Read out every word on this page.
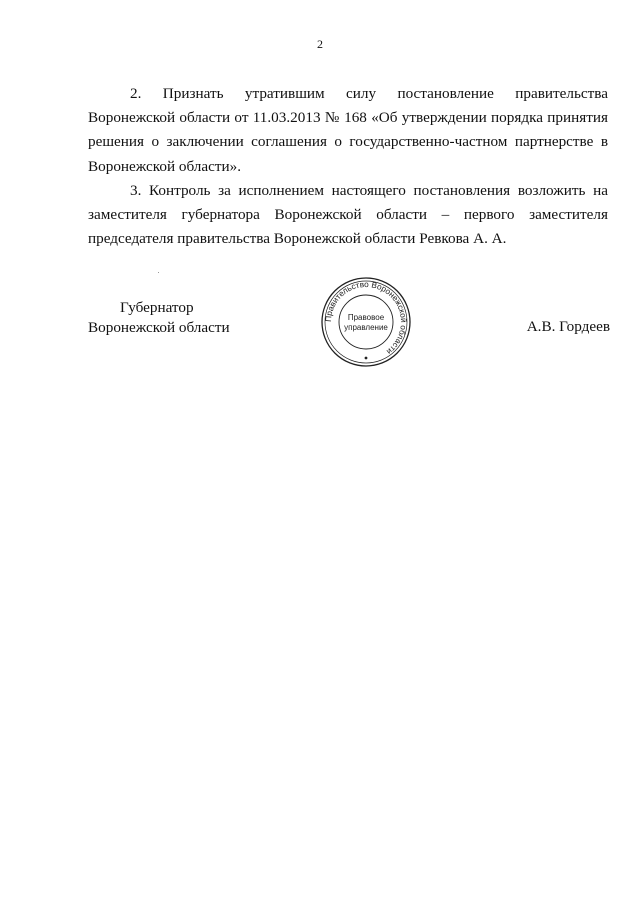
2

2. Признать утратившим силу постановление правительства Воронежской области от 11.03.2013 № 168 «Об утверждении порядка принятия решения о заключении соглашения о государственно-частном партнерстве в Воронежской области».

3. Контроль за исполнением настоящего постановления возложить на заместителя губернатора Воронежской области – первого заместителя председателя правительства Воронежской области Ревкова А. А.

Губернатор
Воронежской области
Правительство Воронежской области
Правовое
управление	А.В. Гордеев
